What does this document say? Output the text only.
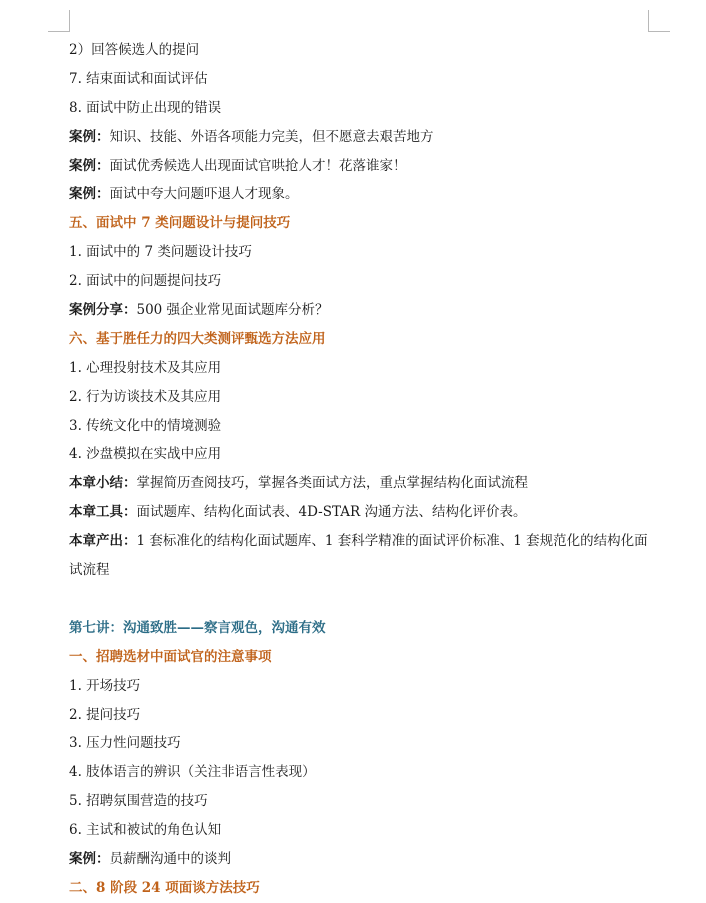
2）回答候选人的提问
7. 结束面试和面试评估
8. 面试中防止出现的错误
案例：知识、技能、外语各项能力完美，但不愿意去艰苦地方
案例：面试优秀候选人出现面试官哄抢人才！花落谁家！
案例：面试中夸大问题吓退人才现象。
五、面试中 7 类问题设计与提问技巧
1. 面试中的 7 类问题设计技巧
2. 面试中的问题提问技巧
案例分享：500 强企业常见面试题库分析？
六、基于胜任力的四大类测评甄选方法应用
1. 心理投射技术及其应用
2. 行为访谈技术及其应用
3. 传统文化中的情境测验
4. 沙盘模拟在实战中应用
本章小结：掌握简历查阅技巧，掌握各类面试方法，重点掌握结构化面试流程
本章工具：面试题库、结构化面试表、4D-STAR 沟通方法、结构化评价表。
本章产出：1 套标准化的结构化面试题库、1 套科学精准的面试评价标准、1 套规范化的结构化面试流程
第七讲：沟通致胜——察言观色，沟通有效
一、招聘选材中面试官的注意事项
1. 开场技巧
2. 提问技巧
3. 压力性问题技巧
4. 肢体语言的辨识（关注非语言性表现）
5. 招聘氛围营造的技巧
6. 主试和被试的角色认知
案例：员薪酬沟通中的谈判
二、8 阶段 24 项面谈方法技巧
